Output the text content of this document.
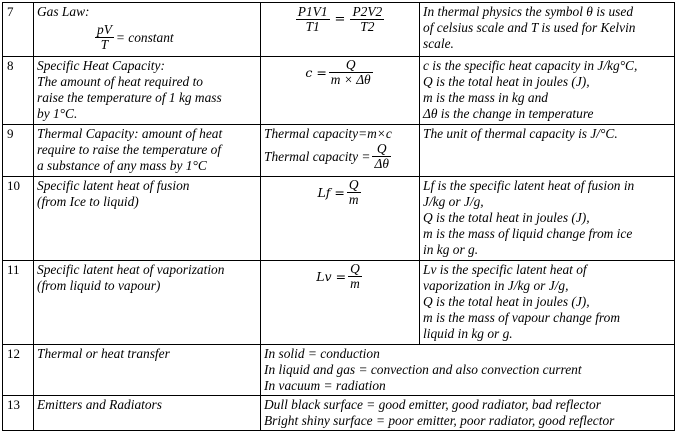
7	Gas Law:
$\frac{pV}{T}$ = constant	$\frac{P1V1}{T1} = \frac{P2V2}{T2}$	In thermal physics the symbol θ is used
of celsius scale and T is used for Kelvin
scale.

8	Specific Heat Capacity:
The amount of heat required to
raise the temperature of 1 kg mass
by 1°C.	$c = \frac{Q}{m \times \Delta\theta}$	c is the specific heat capacity in J/kg°C,
Q is the total heat in joules (J),
m is the mass in kg and
Δθ is the change in temperature

9	Thermal Capacity: amount of heat
require to raise the temperature of
a substance of any mass by 1°C	Thermal capacity=m×c
Thermal capacity = $\frac{Q}{\Delta\theta}$	The unit of thermal capacity is J/°C.

10	Specific latent heat of fusion
(from Ice to liquid)	$Lf = \frac{Q}{m}$	Lf is the specific latent heat of fusion in
J/kg or J/g,
Q is the total heat in joules (J),
m is the mass of liquid change from ice
in kg or g.

11	Specific latent heat of vaporization
(from liquid to vapour)	$Lv = \frac{Q}{m}$	Lv is the specific latent heat of
vaporization in J/kg or J/g,
Q is the total heat in joules (J),
m is the mass of vapour change from
liquid in kg or g.

12	Thermal or heat transfer	In solid = conduction
In liquid and gas = convection and also convection current
In vacuum = radiation	

13	Emitters and Radiators	Dull black surface = good emitter, good radiator, bad reflector
Bright shiny surface = poor emitter, poor radiator, good reflector	
